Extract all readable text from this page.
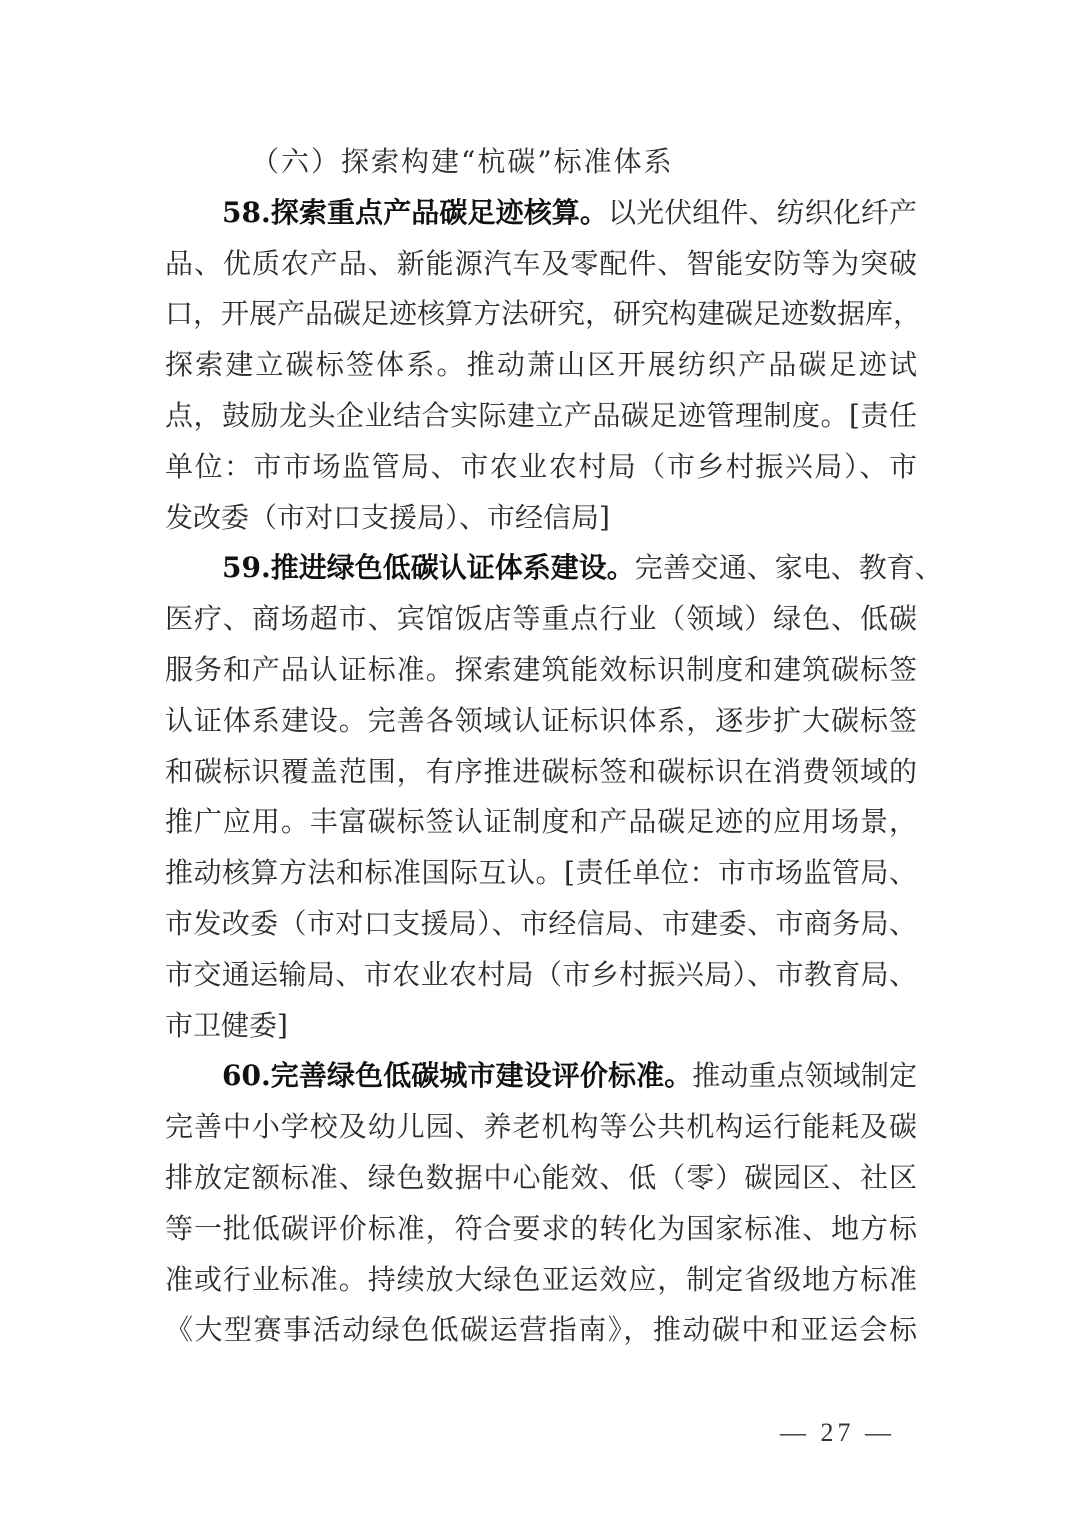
（六）探索构建“杭碳”标准体系
58.探索重点产品碳足迹核算。以光伏组件、纺织化纤产
品、优质农产品、新能源汽车及零配件、智能安防等为突破
口，开展产品碳足迹核算方法研究，研究构建碳足迹数据库，
探索建立碳标签体系。推动萧山区开展纺织产品碳足迹试
点，鼓励龙头企业结合实际建立产品碳足迹管理制度。[责任
单位：市市场监管局、市农业农村局（市乡村振兴局）、市
发改委（市对口支援局）、市经信局]
59.推进绿色低碳认证体系建设。完善交通、家电、教育、
医疗、商场超市、宾馆饭店等重点行业（领域）绿色、低碳
服务和产品认证标准。探索建筑能效标识制度和建筑碳标签
认证体系建设。完善各领域认证标识体系，逐步扩大碳标签
和碳标识覆盖范围，有序推进碳标签和碳标识在消费领域的
推广应用。丰富碳标签认证制度和产品碳足迹的应用场景，
推动核算方法和标准国际互认。[责任单位：市市场监管局、
市发改委（市对口支援局）、市经信局、市建委、市商务局、
市交通运输局、市农业农村局（市乡村振兴局）、市教育局、
市卫健委]
60.完善绿色低碳城市建设评价标准。推动重点领域制定
完善中小学校及幼儿园、养老机构等公共机构运行能耗及碳
排放定额标准、绿色数据中心能效、低（零）碳园区、社区
等一批低碳评价标准，符合要求的转化为国家标准、地方标
准或行业标准。持续放大绿色亚运效应，制定省级地方标准
《大型赛事活动绿色低碳运营指南》，推动碳中和亚运会标
— 27 —
